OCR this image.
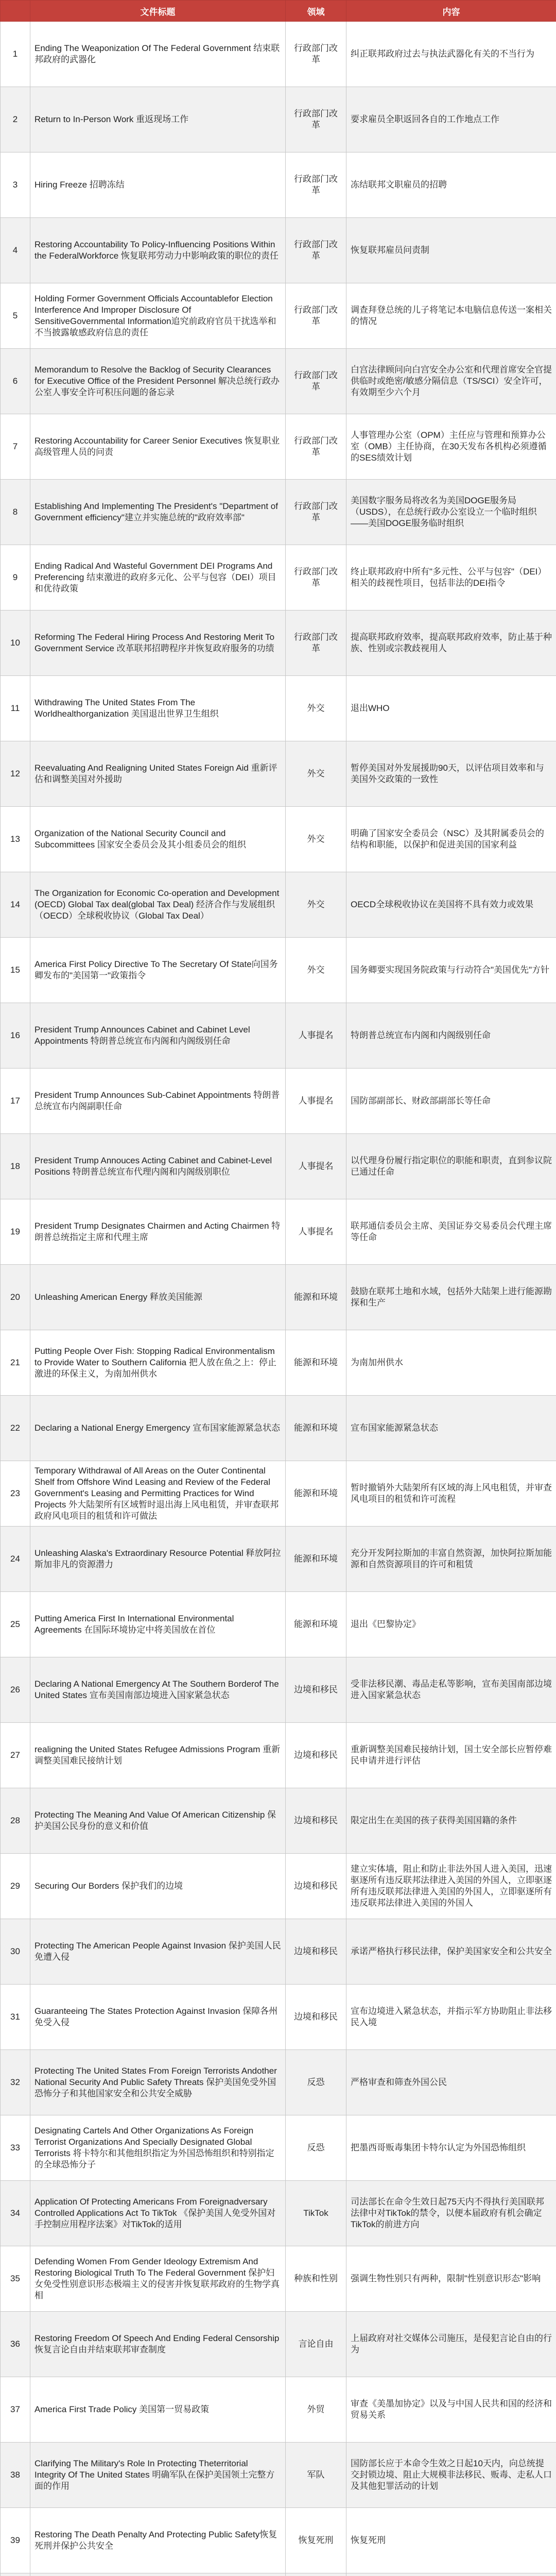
	文件标题	领域	内容
1	Ending The Weaponization Of The Federal Government 结束联邦政府的武器化	行政部门改革	纠正联邦政府过去与执法武器化有关的不当行为
2	Return to In-Person Work 重返现场工作	行政部门改革	要求雇员全职返回各自的工作地点工作
3	Hiring Freeze 招聘冻结	行政部门改革	冻结联邦文职雇员的招聘
4	Restoring Accountability To Policy-Influencing Positions Within the FederalWorkforce 恢复联邦劳动力中影响政策的职位的责任	行政部门改革	恢复联邦雇员问责制
5	Holding Former Government Officials Accountablefor Election Interference And Improper Disclosure Of SensitiveGovernmental Information追究前政府官员干扰选举和不当披露敏感政府信息的责任	行政部门改革	调查拜登总统的儿子将笔记本电脑信息传送一案相关的情况
6	Memorandum to Resolve the Backlog of Security Clearances for Executive Office of the President Personnel 解决总统行政办公室人事安全许可积压问题的备忘录	行政部门改革	白宫法律顾问向白宫安全办公室和代理首席安全官提供临时或绝密/敏感分隔信息（TS/SCI）安全许可，有效期至少六个月
7	Restoring Accountability for Career Senior Executives 恢复职业高级管理人员的问责	行政部门改革	人事管理办公室（OPM）主任应与管理和预算办公室（OMB）主任协商，在30天发布各机构必须遵循的SES绩效计划
8	Establishing And Implementing The President's "Department of Government efficiency"建立并实施总统的"政府效率部"	行政部门改革	美国数字服务局将改名为美国DOGE服务局（USDS），在总统行政办公室设立一个临时组织——美国DOGE服务临时组织
9	Ending Radical And Wasteful Government DEI Programs And Preferencing 结束激进的政府多元化、公平与包容（DEI）项目和优待政策	行政部门改革	终止联邦政府中所有"多元性、公平与包容"（DEI）相关的歧视性项目，包括非法的DEI指令
10	Reforming The Federal Hiring Process And Restoring Merit To Government Service 改革联邦招聘程序并恢复政府服务的功绩	行政部门改革	提高联邦政府效率，提高联邦政府效率，防止基于种族、性别或宗教歧视用人
11	Withdrawing The United States From The Worldhealthorganization 美国退出世界卫生组织	外交	退出WHO
12	Reevaluating And Realigning United States Foreign Aid 重新评估和调整美国对外援助	外交	暂停美国对外发展援助90天，以评估项目效率和与美国外交政策的一致性
13	Organization of the National Security Council and Subcommittees 国家安全委员会及其小组委员会的组织	外交	明确了国家安全委员会（NSC）及其附属委员会的结构和职能，以保护和促进美国的国家利益
14	The Organization for Economic Co-operation and Development (OECD) Global Tax deal(global Tax Deal) 经济合作与发展组织（OECD）全球税收协议（Global Tax Deal）	外交	OECD全球税收协议在美国将不具有效力或效果
15	America First Policy Directive To The Secretary Of State向国务卿发布的"美国第一"政策指令	外交	国务卿要实现国务院政策与行动符合"美国优先"方针
16	President Trump Announces Cabinet and Cabinet Level Appointments 特朗普总统宣布内阁和内阁级别任命	人事提名	特朗普总统宣布内阁和内阁级别任命
17	President Trump Announces Sub-Cabinet Appointments 特朗普总统宣布内阁副职任命	人事提名	国防部副部长、财政部副部长等任命
18	President Trump Annouces Acting Cabinet and Cabinet-Level Positions 特朗普总统宣布代理内阁和内阁级别职位	人事提名	以代理身份履行指定职位的职能和职责，直到参议院已通过任命
19	President Trump Designates Chairmen and Acting Chairmen 特朗普总统指定主席和代理主席	人事提名	联邦通信委员会主席、美国证券交易委员会代理主席等任命
20	Unleashing American Energy 释放美国能源	能源和环境	鼓励在联邦土地和水域，包括外大陆架上进行能源勘探和生产
21	Putting People Over Fish: Stopping Radical Environmentalism to Provide Water to Southern California 把人放在鱼之上：停止激进的环保主义，为南加州供水	能源和环境	为南加州供水
22	Declaring a National Energy Emergency 宣布国家能源紧急状态	能源和环境	宣布国家能源紧急状态
23	Temporary Withdrawal of All Areas on the Outer Continental Shelf from Offshore Wind Leasing and Review of the Federal Government's Leasing and Permitting Practices for Wind Projects 外大陆架所有区域暂时退出海上风电租赁，并审查联邦政府风电项目的租赁和许可做法	能源和环境	暂时撤销外大陆架所有区域的海上风电租赁，并审查风电项目的租赁和许可流程
24	Unleashing Alaska's Extraordinary Resource Potential 释放阿拉斯加非凡的资源潜力	能源和环境	充分开发阿拉斯加的丰富自然资源，加快阿拉斯加能源和自然资源项目的许可和租赁
25	Putting America First In International Environmental Agreements 在国际环境协定中将美国放在首位	能源和环境	退出《巴黎协定》
26	Declaring A National Emergency At The Southern Borderof The United States 宣布美国南部边境进入国家紧急状态	边境和移民	受非法移民潮、毒品走私等影响，宣布美国南部边境进入国家紧急状态
27	realigning the United States Refugee Admissions Program 重新调整美国难民接纳计划	边境和移民	重新调整美国难民接纳计划，国土安全部长应暂停难民申请并进行评估
28	Protecting The Meaning And Value Of American Citizenship 保护美国公民身份的意义和价值	边境和移民	限定出生在美国的孩子获得美国国籍的条件
29	Securing Our Borders 保护我们的边境	边境和移民	建立实体墙，阻止和防止非法外国人进入美国，迅速驱逐所有违反联邦法律进入美国的外国人，立即驱逐所有违反联邦法律进入美国的外国人，立即驱逐所有违反联邦法律进入美国的外国人
30	Protecting The American People Against Invasion 保护美国人民免遭入侵	边境和移民	承诺严格执行移民法律，保护美国家安全和公共安全
31	Guaranteeing The States Protection Against Invasion 保障各州免受入侵	边境和移民	宣布边境进入紧急状态，并指示军方协助阻止非法移民入境
32	Protecting The United States From Foreign Terrorists Andother National Security And Public Safety Threats 保护美国免受外国恐怖分子和其他国家安全和公共安全威胁	反恐	严格审查和筛查外国公民
33	Designating Cartels And Other Organizations As Foreign Terrorist Organizations And Specially Designated Global Terrorists 将卡特尔和其他组织指定为外国恐怖组织和特别指定的全球恐怖分子	反恐	把墨西哥贩毒集团卡特尔认定为外国恐怖组织
34	Application Of Protecting Americans From Foreignadversary Controlled Applications Act To TikTok 《保护美国人免受外国对手控制应用程序法案》对TikTok的适用	TikTok	司法部长在命令生效日起75天内不得执行美国联邦法律中对TikTok的禁令，以便本届政府有机会确定TikTok的前进方向
35	Defending Women From Gender Ideology Extremism And Restoring Biological Truth To The Federal Government 保护妇女免受性别意识形态极端主义的侵害并恢复联邦政府的生物学真相	种族和性别	强调生物性别只有两种，限制"性别意识形态"影响
36	Restoring Freedom Of Speech And Ending Federal Censorship 恢复言论自由并结束联邦审查制度	言论自由	上届政府对社交媒体公司施压，是侵犯言论自由的行为
37	America First Trade Policy 美国第一贸易政策	外贸	审查《美墨加协定》以及与中国人民共和国的经济和贸易关系
38	Clarifying The Military's Role In Protecting Theterritorial Integrity Of The United States 明确军队在保护美国领土完整方面的作用	军队	国防部长应于本命令生效之日起10天内，向总统提交封锁边境、阻止大规模非法移民、贩毒、走私人口及其他犯罪活动的计划
39	Restoring The Death Penalty And Protecting Public Safety恢复死刑并保护公共安全	恢复死刑	恢复死刑
